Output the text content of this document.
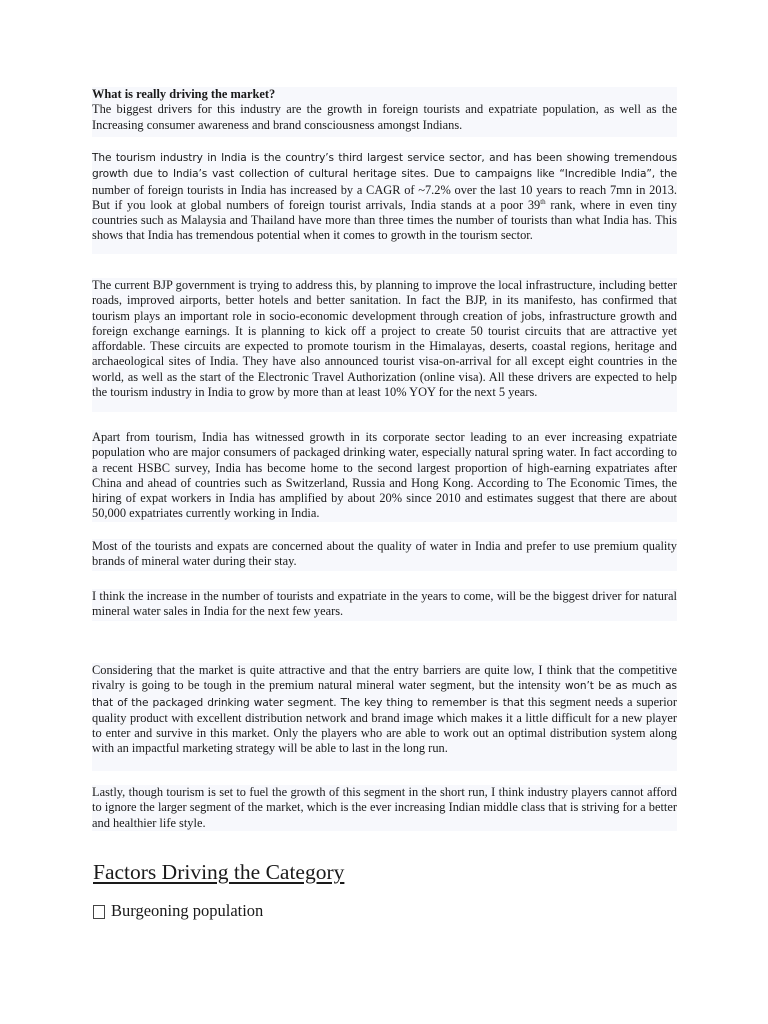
What is really driving the market?

The biggest drivers for this industry are the growth in foreign tourists and expatriate population, as well as the Increasing consumer awareness and brand consciousness amongst Indians.

The tourism industry in India is the country’s third largest service sector, and has been showing tremendous growth due to India’s vast collection of cultural heritage sites. Due to campaigns like “Incredible India”, the number of foreign tourists in India has increased by a CAGR of ~7.2% over the last 10 years to reach 7mn in 2013. But if you look at global numbers of foreign tourist arrivals, India stands at a poor 39th rank, where in even tiny countries such as Malaysia and Thailand have more than three times the number of tourists than what India has. This shows that India has tremendous potential when it comes to growth in the tourism sector.

The current BJP government is trying to address this, by planning to improve the local infrastructure, including better roads, improved airports, better hotels and better sanitation. In fact the BJP, in its manifesto, has confirmed that tourism plays an important role in socio-economic development through creation of jobs, infrastructure growth and foreign exchange earnings. It is planning to kick off a project to create 50 tourist circuits that are attractive yet affordable. These circuits are expected to promote tourism in the Himalayas, deserts, coastal regions, heritage and archaeological sites of India. They have also announced tourist visa-on-arrival for all except eight countries in the world, as well as the start of the Electronic Travel Authorization (online visa). All these drivers are expected to help the tourism industry in India to grow by more than at least 10% YOY for the next 5 years.

Apart from tourism, India has witnessed growth in its corporate sector leading to an ever increasing expatriate population who are major consumers of packaged drinking water, especially natural spring water. In fact according to a recent HSBC survey, India has become home to the second largest proportion of high-earning expatriates after China and ahead of countries such as Switzerland, Russia and Hong Kong. According to The Economic Times, the hiring of expat workers in India has amplified by about 20% since 2010 and estimates suggest that there are about 50,000 expatriates currently working in India.

Most of the tourists and expats are concerned about the quality of water in India and prefer to use premium quality brands of mineral water during their stay.

I think the increase in the number of tourists and expatriate in the years to come, will be the biggest driver for natural mineral water sales in India for the next few years.

Considering that the market is quite attractive and that the entry barriers are quite low, I think that the competitive rivalry is going to be tough in the premium natural mineral water segment, but the intensity won’t be as much as that of the packaged drinking water segment. The key thing to remember is that this segment needs a superior quality product with excellent distribution network and brand image which makes it a little difficult for a new player to enter and survive in this market. Only the players who are able to work out an optimal distribution system along with an impactful marketing strategy will be able to last in the long run.

Lastly, though tourism is set to fuel the growth of this segment in the short run, I think industry players cannot afford to ignore the larger segment of the market, which is the ever increasing Indian middle class that is striving for a better and healthier life style.

Factors Driving the Category
Burgeoning population
